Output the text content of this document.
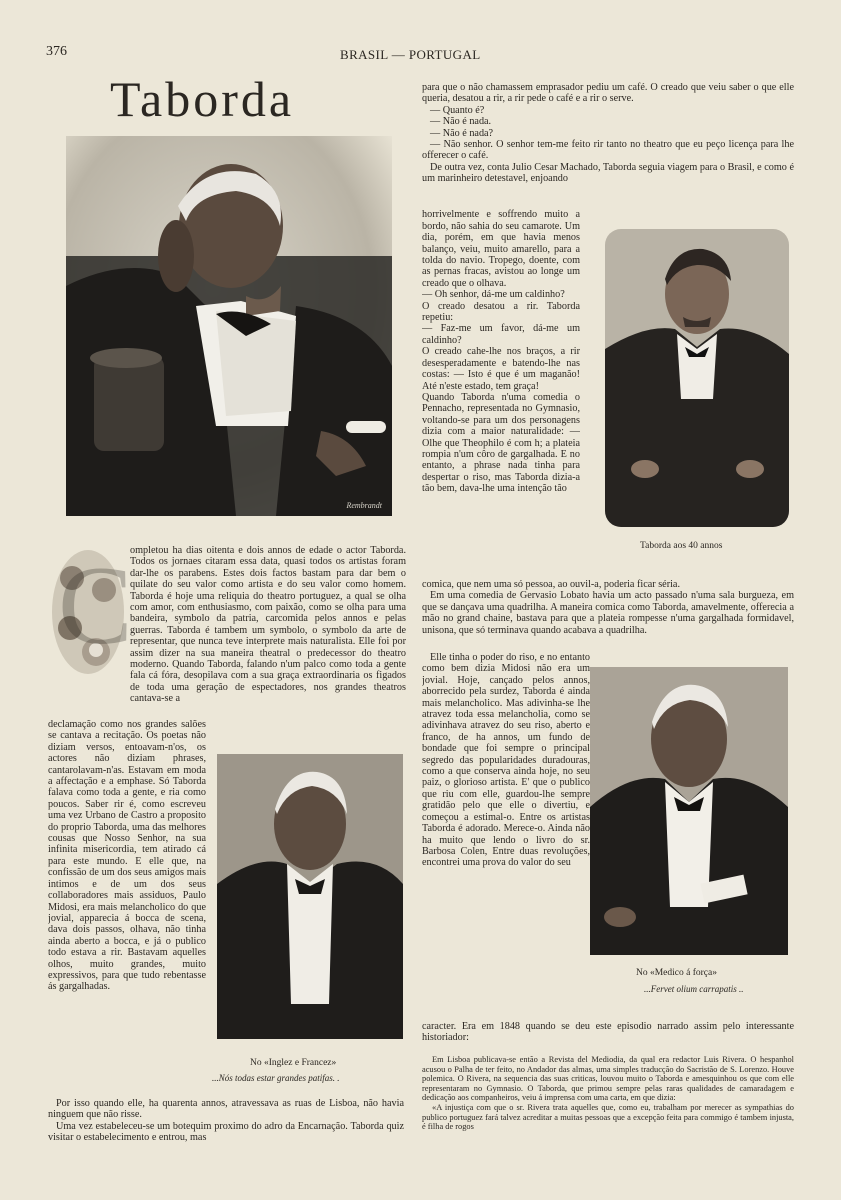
376	BRASIL — PORTUGAL
Taborda
Rembrandt
C

ompletou ha dias oitenta e dois annos de edade o actor Taborda. Todos os jornaes citaram essa data, quasi todos os artistas foram dar-lhe os parabens. Estes dois factos bastam para dar bem o quilate do seu valor como artista e do seu valor como homem. Taborda é hoje uma reliquia do theatro portuguez, a qual se olha com amor, com enthusiasmo, com paixão, como se olha para uma bandeira, symbolo da patria, carcomida pelos annos e pelas guerras. Taborda é tambem um symbolo, o symbolo da arte de representar, que nunca teve interprete mais naturalista. Elle foi por assim dizer na sua maneira theatral o predecessor do theatro moderno. Quando Taborda, falando n'um palco como toda a gente fala cá fóra, desopilava com a sua graça extraordinaria os figados de toda uma geração de espectadores, nos grandes theatros cantava-se a

declamação como nos grandes salões se cantava a recitação. Os poetas não diziam versos, entoavam-n'os, os actores não diziam phrases, cantarolavam-n'as. Estavam em moda a affectação e a emphase. Só Taborda falava como toda a gente, e ria como poucos. Saber rir é, como escreveu uma vez Urbano de Castro a proposito do proprio Taborda, uma das melhores cousas que Nosso Senhor, na sua infinita misericordia, tem atirado cá para este mundo. E elle que, na confissão de um dos seus amigos mais intimos e de um dos seus collaboradores mais assiduos, Paulo Midosi, era mais melancholico do que jovial, apparecia á bocca de scena, dava dois passos, olhava, não tinha ainda aberto a bocca, e já o publico todo estava a rir. Bastavam aquelles olhos, muito grandes, muito expressivos, para que tudo rebentasse ás gargalhadas.

Por isso quando elle, ha quarenta annos, atravessava as ruas de Lisboa, não havia ninguem que não risse.

Uma vez estabeleceu-se um botequim proximo do adro da Encarnação. Taborda quiz visitar o estabelecimento e entrou, mas

No «Inglez e Francez»
...Nós todas estar grandes patifas. .

para que o não chamassem emprasador pediu um café. O creado que veiu saber o que elle queria, desatou a rir, a rir pede o café e a rir o serve.

— Quanto é?

— Não é nada.

— Não é nada?

— Não senhor. O senhor tem-me feito rir tanto no theatro que eu peço licença para lhe offerecer o café.

De outra vez, conta Julio Cesar Machado, Taborda seguia viagem para o Brasil, e como é um marinheiro detestavel, enjoando

horrivelmente e soffrendo muito a bordo, não sahia do seu camarote. Um dia, porém, em que havia menos balanço, veiu, muito amarello, para a tolda do navio. Tropego, doente, com as pernas fracas, avistou ao longe um creado que o olhava.
— Oh senhor, dá-me um caldinho?
O creado desatou a rir. Taborda repetiu:
— Faz-me um favor, dá-me um caldinho?
O creado cahe-lhe nos braços, a rir desesperadamente e batendo-lhe nas costas: — Isto é que é um maganão! Até n'este estado, tem graça!
Quando Taborda n'uma comedia o Pennacho, representada no Gymnasio, voltando-se para um dos personagens dizia com a maior naturalidade: — Olhe que Theophilo é com h; a plateia rompia n'um côro de gargalhada. E no entanto, a phrase nada tinha para despertar o riso, mas Taborda dizia-a tão bem, dava-lhe uma intenção tão

Taborda aos 40 annos

comica, que nem uma só pessoa, ao ouvil-a, poderia ficar séria.

Em uma comedia de Gervasio Lobato havia um acto passado n'uma sala burgueza, em que se dançava uma quadrilha. A maneira comica como Taborda, amavelmente, offerecia a mão no grand chaine, bastava para que a plateia rompesse n'uma gargalhada formidavel, unisona, que só terminava quando acabava a quadrilha.

Elle tinha o poder do riso, e no entanto como bem dizia Midosi não era um jovial. Hoje, cançado pelos annos, aborrecido pela surdez, Taborda é ainda mais melancholico. Mas adivinha-se lhe atravez toda essa melancholia, como se adivinhava atravez do seu riso, aberto e franco, de ha annos, um fundo de bondade que foi sempre o principal segredo das popularidades duradouras, como a que conserva ainda hoje, no seu paiz, o glorioso artista. E' que o publico que riu com elle, guardou-lhe sempre gratidão pelo que elle o divertiu, e começou a estimal-o. Entre os artistas Taborda é adorado. Merece-o. Ainda não ha muito que lendo o livro do sr. Barbosa Colen, Entre duas revoluções, encontrei uma prova do valor do seu

No «Medico á força»
...Fervet olium carrapatis ..

caracter. Era em 1848 quando se deu este episodio narrado assim pelo interessante historiador:

Em Lisboa publicava-se então a Revista del Mediodia, da qual era redactor Luis Rivera. O hespanhol acusou o Palha de ter feito, no Andador das almas, uma simples traducção do Sacristão de S. Lorenzo. Houve polemica. O Rivera, na sequencia das suas criticas, louvou muito o Taborda e amesquinhou os que com elle representaram no Gymnasio. O Taborda, que primou sempre pelas raras qualidades de camaradagem e dedicação aos companheiros, veiu á imprensa com uma carta, em que dizia:

«A injustiça com que o sr. Rivera trata aquelles que, como eu, trabalham por merecer as sympathias do publico portuguez fará talvez acreditar a muitas pessoas que a excepção feita para commigo é tambem injusta, é filha de rogos
